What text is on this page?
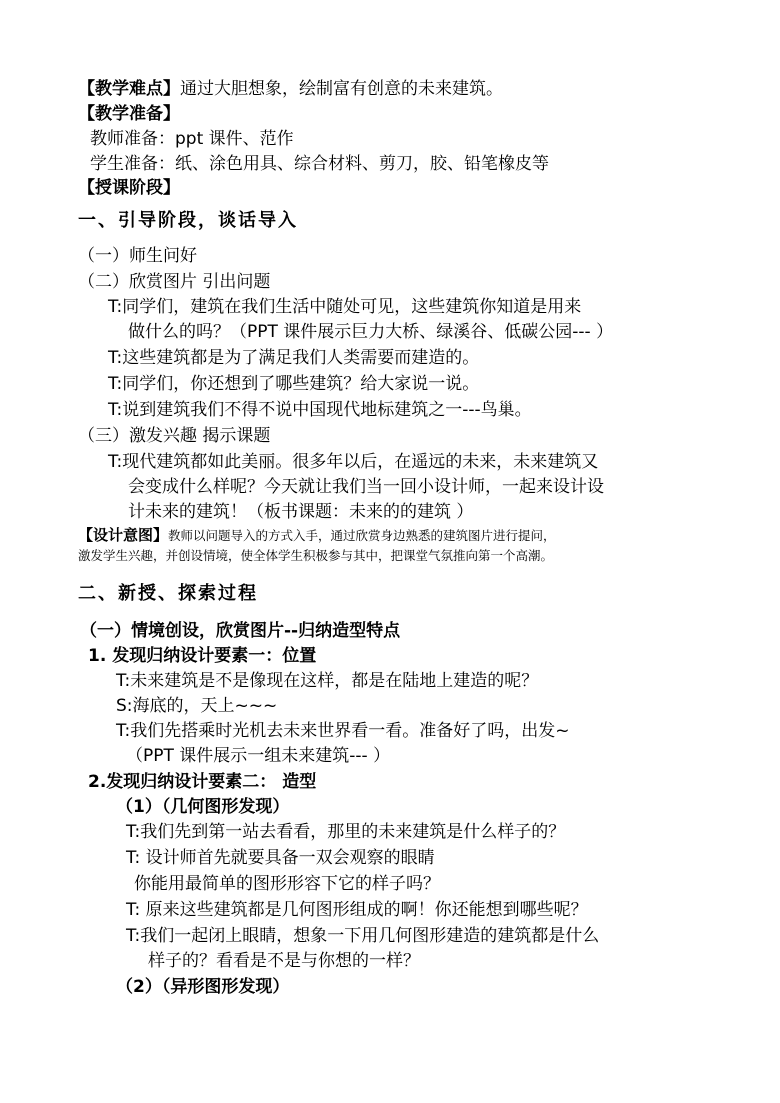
【教学难点】通过大胆想象，绘制富有创意的未来建筑。
【教学准备】
教师准备：ppt 课件、范作
学生准备：纸、涂色用具、综合材料、剪刀，胶、铅笔橡皮等
【授课阶段】
一、引导阶段，谈话导入
（一）师生问好
（二）欣赏图片 引出问题
T:同学们，建筑在我们生活中随处可见，这些建筑你知道是用来
做什么的吗？（PPT 课件展示巨力大桥、绿溪谷、低碳公园--- ）
T:这些建筑都是为了满足我们人类需要而建造的。
T:同学们，你还想到了哪些建筑？给大家说一说。
T:说到建筑我们不得不说中国现代地标建筑之一---鸟巢。
（三）激发兴趣 揭示课题
T:现代建筑都如此美丽。很多年以后，在遥远的未来，未来建筑又
会变成什么样呢？今天就让我们当一回小设计师，一起来设计设
计未来的建筑！（板书课题：未来的的建筑 ）
【设计意图】教师以问题导入的方式入手，通过欣赏身边熟悉的建筑图片进行提问，
激发学生兴趣，并创设情境，使全体学生积极参与其中，把课堂气氛推向第一个高潮。
二、新授、探索过程
（一）情境创设，欣赏图片--归纳造型特点
1. 发现归纳设计要素一：位置
T:未来建筑是不是像现在这样，都是在陆地上建造的呢？
S:海底的，天上~~~
T:我们先搭乘时光机去未来世界看一看。准备好了吗，出发~
（PPT 课件展示一组未来建筑--- ）
2.发现归纳设计要素二： 造型
（1）（几何图形发现）
T:我们先到第一站去看看，那里的未来建筑是什么样子的？
T: 设计师首先就要具备一双会观察的眼睛
你能用最简单的图形形容下它的样子吗？
T: 原来这些建筑都是几何图形组成的啊！你还能想到哪些呢？
T:我们一起闭上眼睛，想象一下用几何图形建造的建筑都是什么
样子的？看看是不是与你想的一样？
（2）（异形图形发现）
